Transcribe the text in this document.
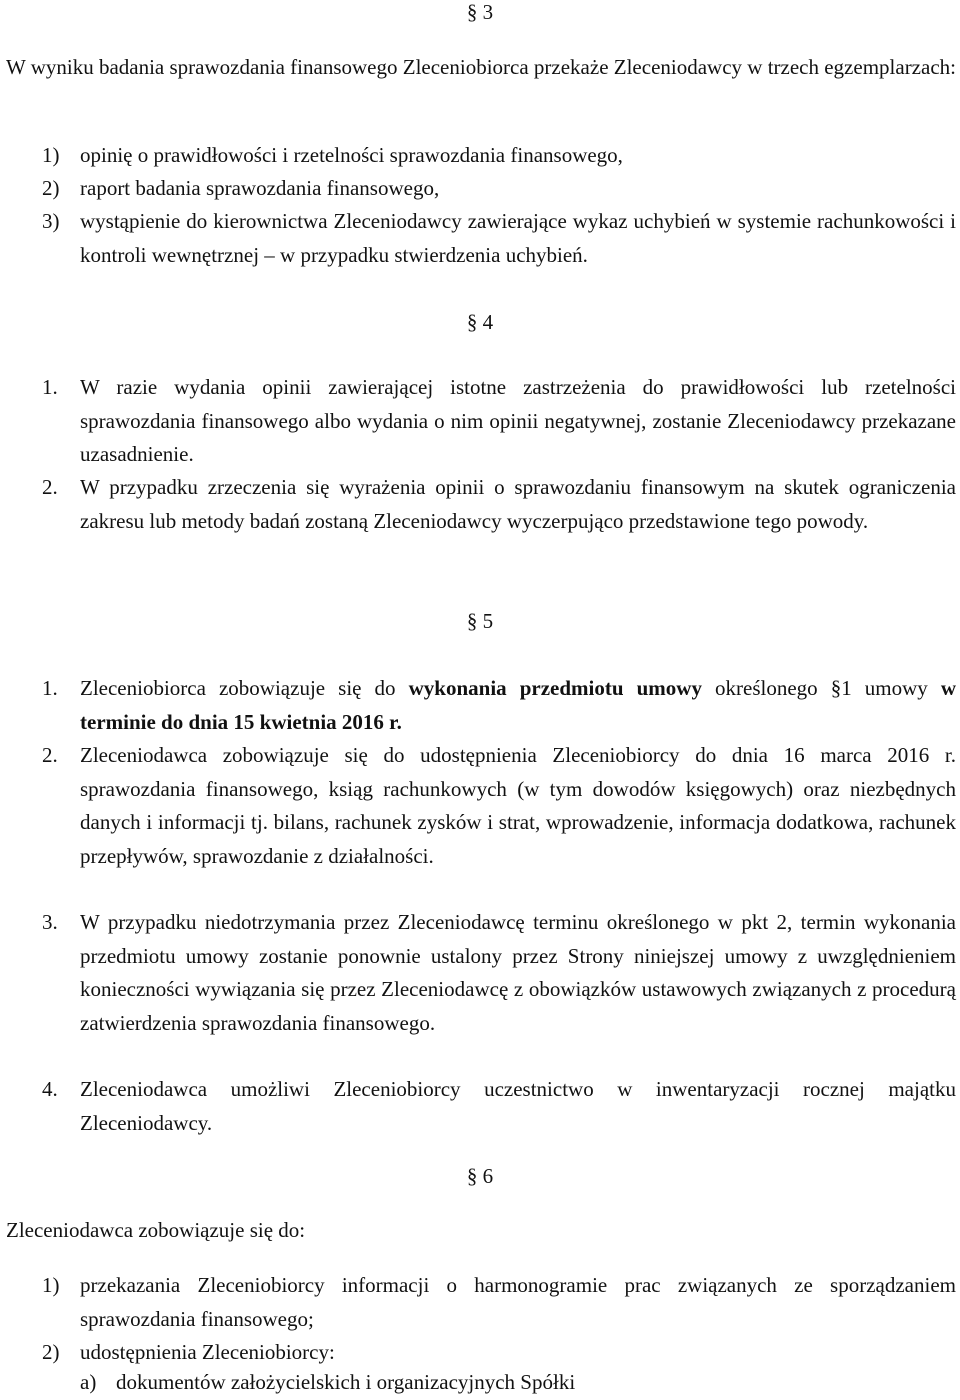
§ 3
W wyniku badania sprawozdania finansowego Zleceniobiorca przekaże Zleceniodawcy w trzech egzemplarzach:
1) opinię o prawidłowości i rzetelności sprawozdania finansowego,
2) raport badania sprawozdania finansowego,
3) wystąpienie do kierownictwa Zleceniodawcy zawierające wykaz uchybień w systemie rachunkowości i kontroli wewnętrznej – w przypadku stwierdzenia uchybień.
§ 4
1. W razie wydania opinii zawierającej istotne zastrzeżenia do prawidłowości lub rzetelności sprawozdania finansowego albo wydania o nim opinii negatywnej, zostanie Zleceniodawcy przekazane uzasadnienie.
2. W przypadku zrzeczenia się wyrażenia opinii o sprawozdaniu finansowym na skutek ograniczenia zakresu lub metody badań zostaną Zleceniodawcy wyczerpująco przedstawione tego powody.
§ 5
1. Zleceniobiorca zobowiązuje się do wykonania przedmiotu umowy określonego §1 umowy w terminie do dnia 15 kwietnia 2016 r.
2. Zleceniodawca zobowiązuje się do udostępnienia Zleceniobiorcy do dnia 16 marca 2016 r. sprawozdania finansowego, ksiąg rachunkowych (w tym dowodów księgowych) oraz niezbędnych danych i informacji tj. bilans, rachunek zysków i strat, wprowadzenie, informacja dodatkowa, rachunek przepływów, sprawozdanie z działalności.
3. W przypadku niedotrzymania przez Zleceniodawcę terminu określonego w pkt 2, termin wykonania przedmiotu umowy zostanie ponownie ustalony przez Strony niniejszej umowy z uwzględnieniem konieczności wywiązania się przez Zleceniodawcę z obowiązków ustawowych związanych z procedurą zatwierdzenia sprawozdania finansowego.
4. Zleceniodawca umożliwi Zleceniobiorcy uczestnictwo w inwentaryzacji rocznej majątku Zleceniodawcy.
§ 6
Zleceniodawca zobowiązuje się do:
1) przekazania Zleceniobiorcy informacji o harmonogramie prac związanych ze sporządzaniem sprawozdania finansowego;
2) udostępnienia Zleceniobiorcy:
a) dokumentów założycielskich i organizacyjnych Spółki
